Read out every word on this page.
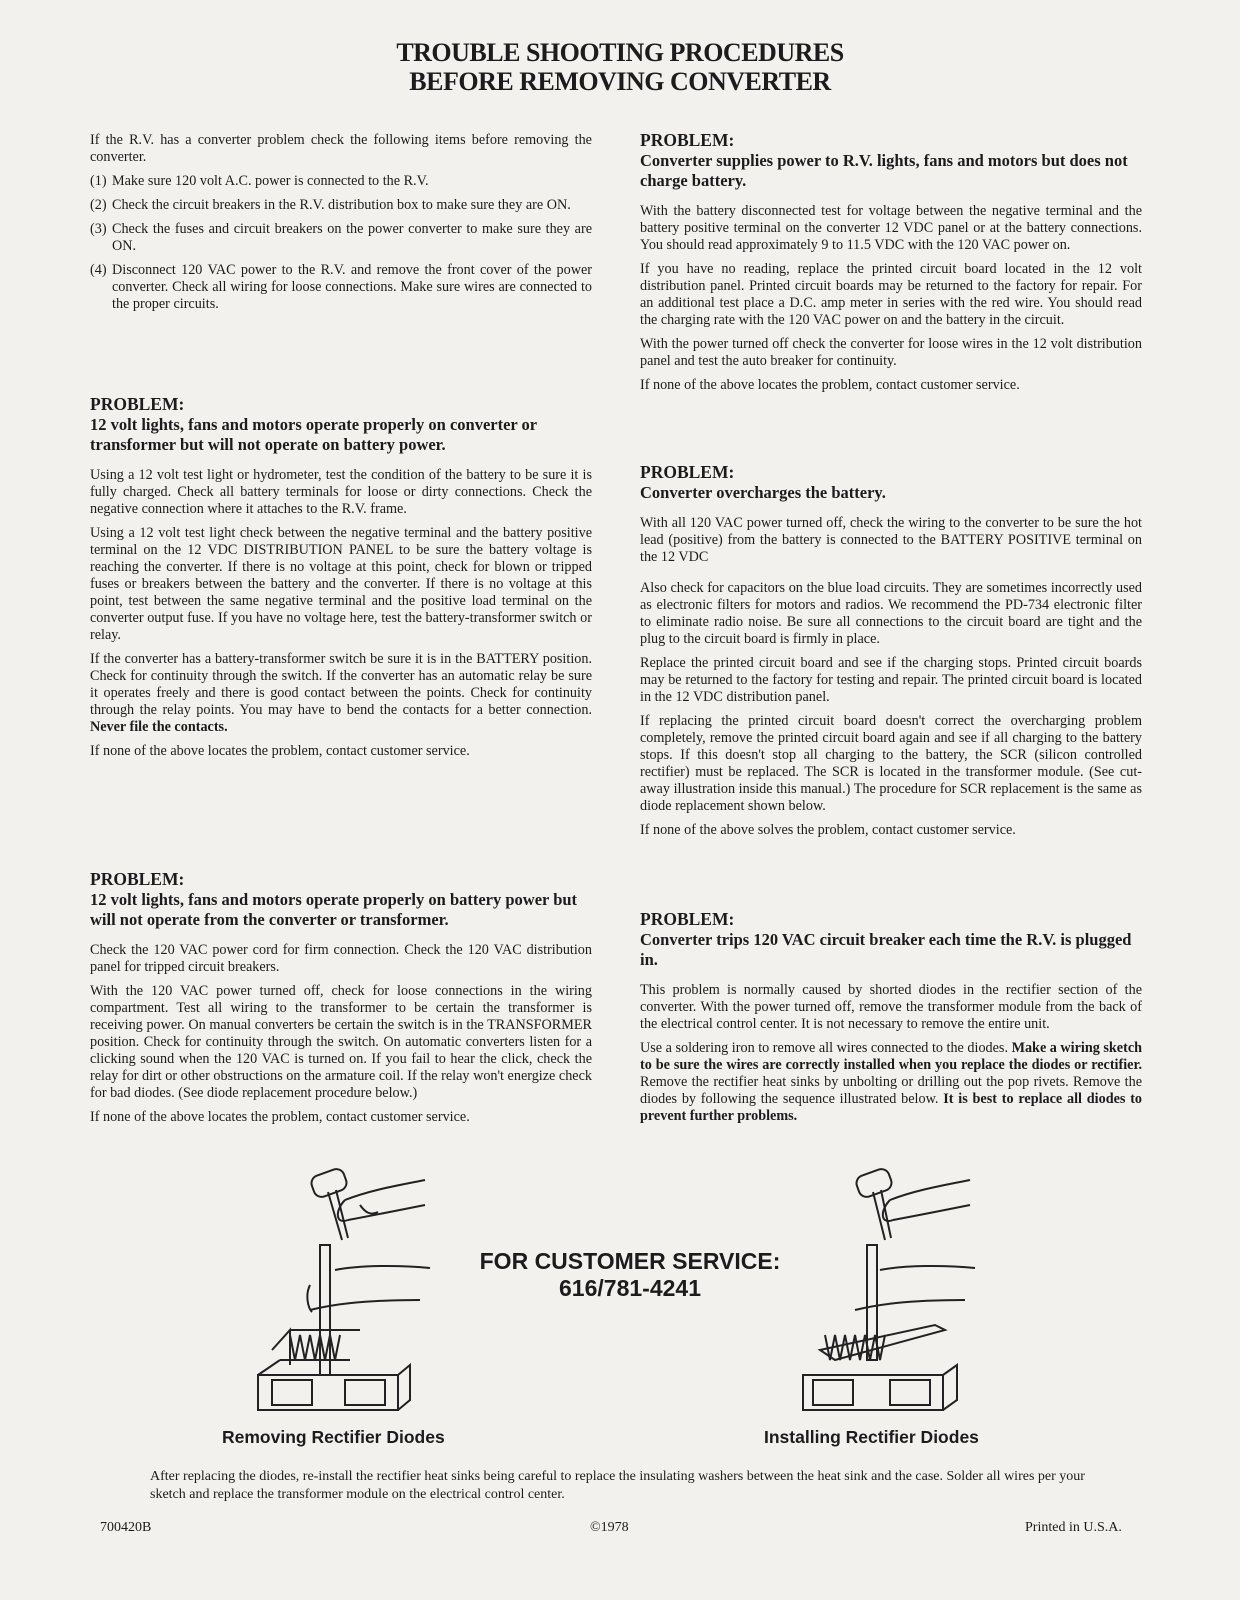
TROUBLE SHOOTING PROCEDURES
BEFORE REMOVING CONVERTER

If the R.V. has a converter problem check the following items before removing the converter.

(1) Make sure 120 volt A.C. power is connected to the R.V.
(2) Check the circuit breakers in the R.V. distribution box to make sure they are ON.
(3) Check the fuses and circuit breakers on the power converter to make sure they are ON.
(4) Disconnect 120 VAC power to the R.V. and remove the front cover of the power converter. Check all wiring for loose connections. Make sure wires are connected to the proper circuits.
PROBLEM:
12 volt lights, fans and motors operate properly on converter or transformer but will not operate on battery power.

Using a 12 volt test light or hydrometer, test the condition of the battery to be sure it is fully charged. Check all battery terminals for loose or dirty connections. Check the negative connection where it attaches to the R.V. frame.

Using a 12 volt test light check between the negative terminal and the battery positive terminal on the 12 VDC DISTRIBUTION PANEL to be sure the battery voltage is reaching the converter. If there is no voltage at this point, check for blown or tripped fuses or breakers between the battery and the converter. If there is no voltage at this point, test between the same negative terminal and the positive load terminal on the converter output fuse. If you have no voltage here, test the battery-transformer switch or relay.

If the converter has a battery-transformer switch be sure it is in the BATTERY position. Check for continuity through the switch. If the converter has an automatic relay be sure it operates freely and there is good contact between the points. Check for continuity through the relay points. You may have to bend the contacts for a better connection. Never file the contacts.

If none of the above locates the problem, contact customer service.

PROBLEM:
12 volt lights, fans and motors operate properly on battery power but will not operate from the converter or transformer.

Check the 120 VAC power cord for firm connection. Check the 120 VAC distribution panel for tripped circuit breakers.

With the 120 VAC power turned off, check for loose connections in the wiring compartment. Test all wiring to the transformer to be certain the transformer is receiving power. On manual converters be certain the switch is in the TRANSFORMER position. Check for continuity through the switch. On automatic converters listen for a clicking sound when the 120 VAC is turned on. If you fail to hear the click, check the relay for dirt or other obstructions on the armature coil. If the relay won't energize check for bad diodes. (See diode replacement procedure below.)

If none of the above locates the problem, contact customer service.

PROBLEM:
Converter supplies power to R.V. lights, fans and motors but does not charge battery.

With the battery disconnected test for voltage between the negative terminal and the battery positive terminal on the converter 12 VDC panel or at the battery connections. You should read approximately 9 to 11.5 VDC with the 120 VAC power on.

If you have no reading, replace the printed circuit board located in the 12 volt distribution panel. Printed circuit boards may be returned to the factory for repair. For an additional test place a D.C. amp meter in series with the red wire. You should read the charging rate with the 120 VAC power on and the battery in the circuit.

With the power turned off check the converter for loose wires in the 12 volt distribution panel and test the auto breaker for continuity.

If none of the above locates the problem, contact customer service.

PROBLEM:
Converter overcharges the battery.

With all 120 VAC power turned off, check the wiring to the converter to be sure the hot lead (positive) from the battery is connected to the BATTERY POSITIVE terminal on the 12 VDC

Also check for capacitors on the blue load circuits. They are sometimes incorrectly used as electronic filters for motors and radios. We recommend the PD-734 electronic filter to eliminate radio noise. Be sure all connections to the circuit board are tight and the plug to the circuit board is firmly in place.

Replace the printed circuit board and see if the charging stops. Printed circuit boards may be returned to the factory for testing and repair. The printed circuit board is located in the 12 VDC distribution panel.

If replacing the printed circuit board doesn't correct the overcharging problem completely, remove the printed circuit board again and see if all charging to the battery stops. If this doesn't stop all charging to the battery, the SCR (silicon controlled rectifier) must be replaced. The SCR is located in the transformer module. (See cut-away illustration inside this manual.) The procedure for SCR replacement is the same as diode replacement shown below.

If none of the above solves the problem, contact customer service.

PROBLEM:
Converter trips 120 VAC circuit breaker each time the R.V. is plugged in.

This problem is normally caused by shorted diodes in the rectifier section of the converter. With the power turned off, remove the transformer module from the back of the electrical control center. It is not necessary to remove the entire unit.

Use a soldering iron to remove all wires connected to the diodes. Make a wiring sketch to be sure the wires are correctly installed when you replace the diodes or rectifier. Remove the rectifier heat sinks by unbolting or drilling out the pop rivets. Remove the diodes by following the sequence illustrated below. It is best to replace all diodes to prevent further problems.

FOR CUSTOMER SERVICE:
616/781-4241
Removing Rectifier Diodes	Installing Rectifier Diodes
After replacing the diodes, re-install the rectifier heat sinks being careful to replace the insulating washers between the heat sink and the case. Solder all wires per your sketch and replace the transformer module on the electrical control center.
700420B	©1978	Printed in U.S.A.
